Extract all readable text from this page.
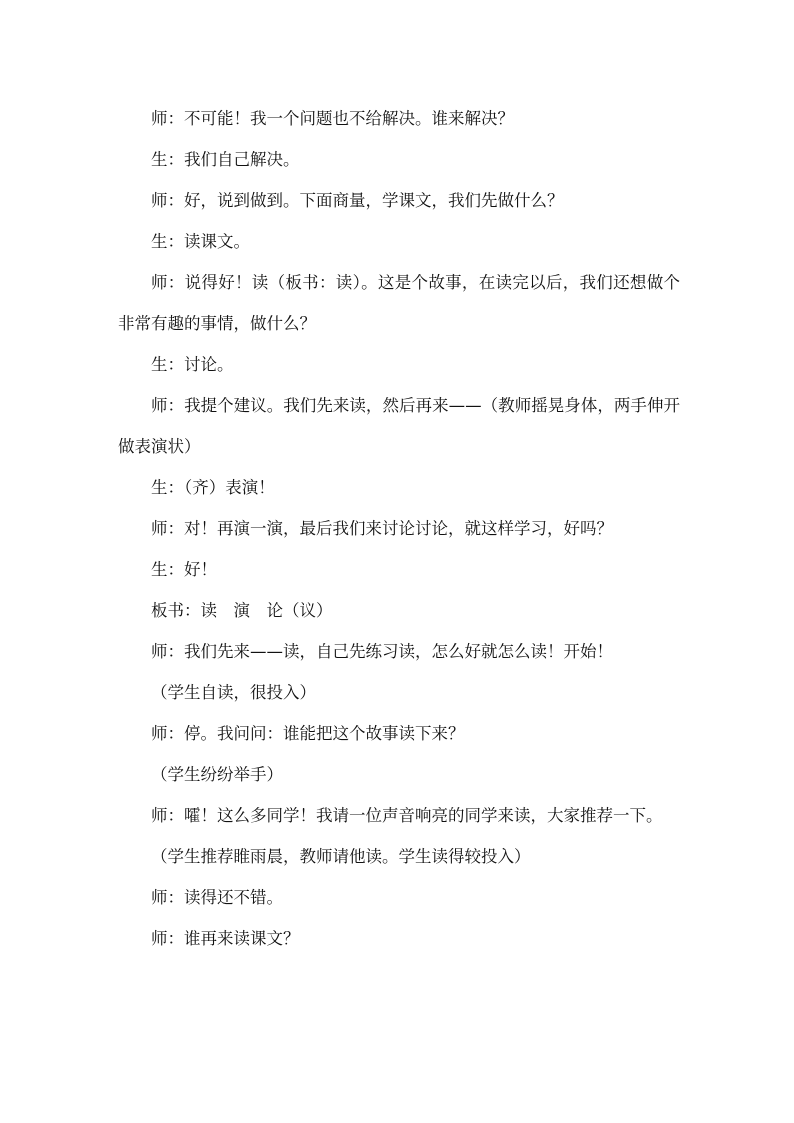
师：不可能！我一个问题也不给解决。谁来解决？

生：我们自己解决。

师：好，说到做到。下面商量，学课文，我们先做什么？

生：读课文。

师：说得好！读（板书：读）。这是个故事，在读完以后，我们还想做个非常有趣的事情，做什么？

生：讨论。

师：我提个建议。我们先来读，然后再来——（教师摇晃身体，两手伸开做表演状）

生：（齐）表演！

师：对！再演一演，最后我们来讨论讨论，就这样学习，好吗？

生：好！

板书：读　演　论（议）

师：我们先来——读，自己先练习读，怎么好就怎么读！开始！

（学生自读，很投入）

师：停。我问问：谁能把这个故事读下来？

（学生纷纷举手）

师：嚯！这么多同学！我请一位声音响亮的同学来读，大家推荐一下。

（学生推荐睢雨晨，教师请他读。学生读得较投入）

师：读得还不错。

师：谁再来读课文？
